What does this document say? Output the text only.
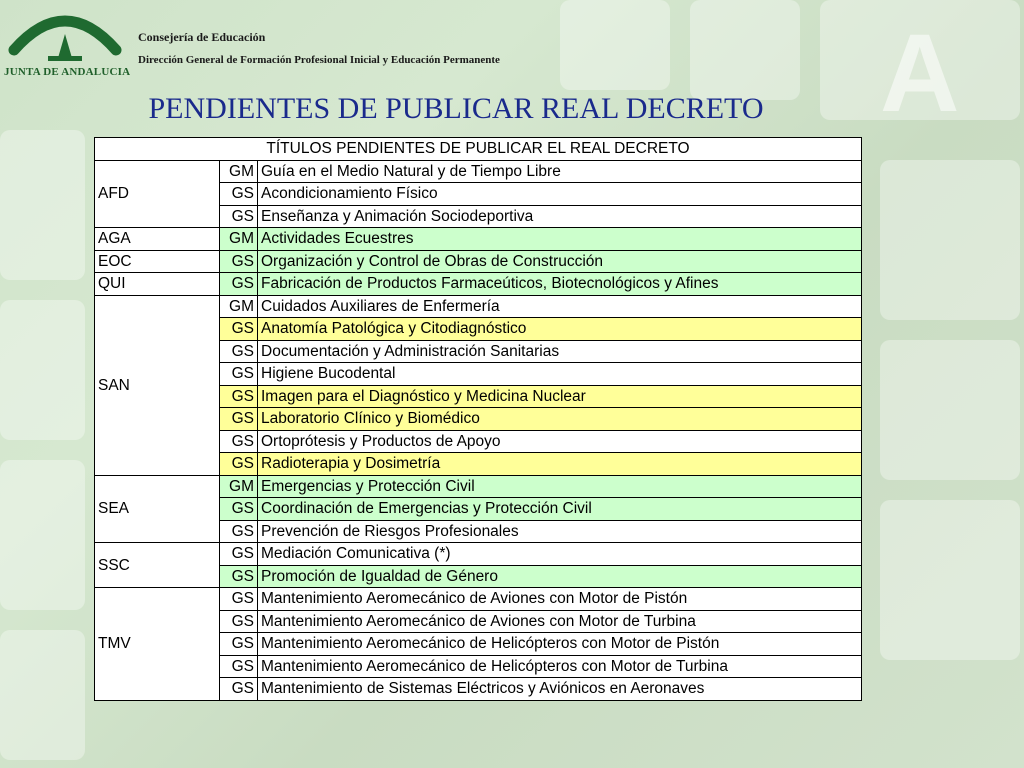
A
JUNTA DE ANDALUCIA
Consejería de Educación
Dirección General de Formación Profesional Inicial y Educación Permanente
PENDIENTES DE PUBLICAR REAL DECRETO
TÍTULOS PENDIENTES DE PUBLICAR EL REAL DECRETO		
AFD	GM	Guía en el Medio Natural y de Tiempo Libre
	GS	Acondicionamiento Físico
	GS	Enseñanza y Animación Sociodeportiva
AGA	GM	Actividades Ecuestres
EOC	GS	Organización y Control de Obras de Construcción
QUI	GS	Fabricación de Productos Farmaceúticos, Biotecnológicos y Afines
SAN	GM	Cuidados Auxiliares de Enfermería
	GS	Anatomía Patológica y Citodiagnóstico
	GS	Documentación y Administración Sanitarias
	GS	Higiene Bucodental
	GS	Imagen para el Diagnóstico y Medicina Nuclear
	GS	Laboratorio Clínico y Biomédico
	GS	Ortoprótesis y Productos de Apoyo
	GS	Radioterapia y Dosimetría
SEA	GM	Emergencias y Protección Civil
	GS	Coordinación de Emergencias y Protección Civil
	GS	Prevención de Riesgos Profesionales
SSC	GS	Mediación Comunicativa (*)
	GS	Promoción de Igualdad de Género
TMV	GS	Mantenimiento Aeromecánico de Aviones con Motor de Pistón
	GS	Mantenimiento Aeromecánico de Aviones con Motor de Turbina
	GS	Mantenimiento Aeromecánico de Helicópteros con Motor de Pistón
	GS	Mantenimiento Aeromecánico de Helicópteros con Motor de Turbina
	GS	Mantenimiento de Sistemas Eléctricos y Aviónicos en Aeronaves
